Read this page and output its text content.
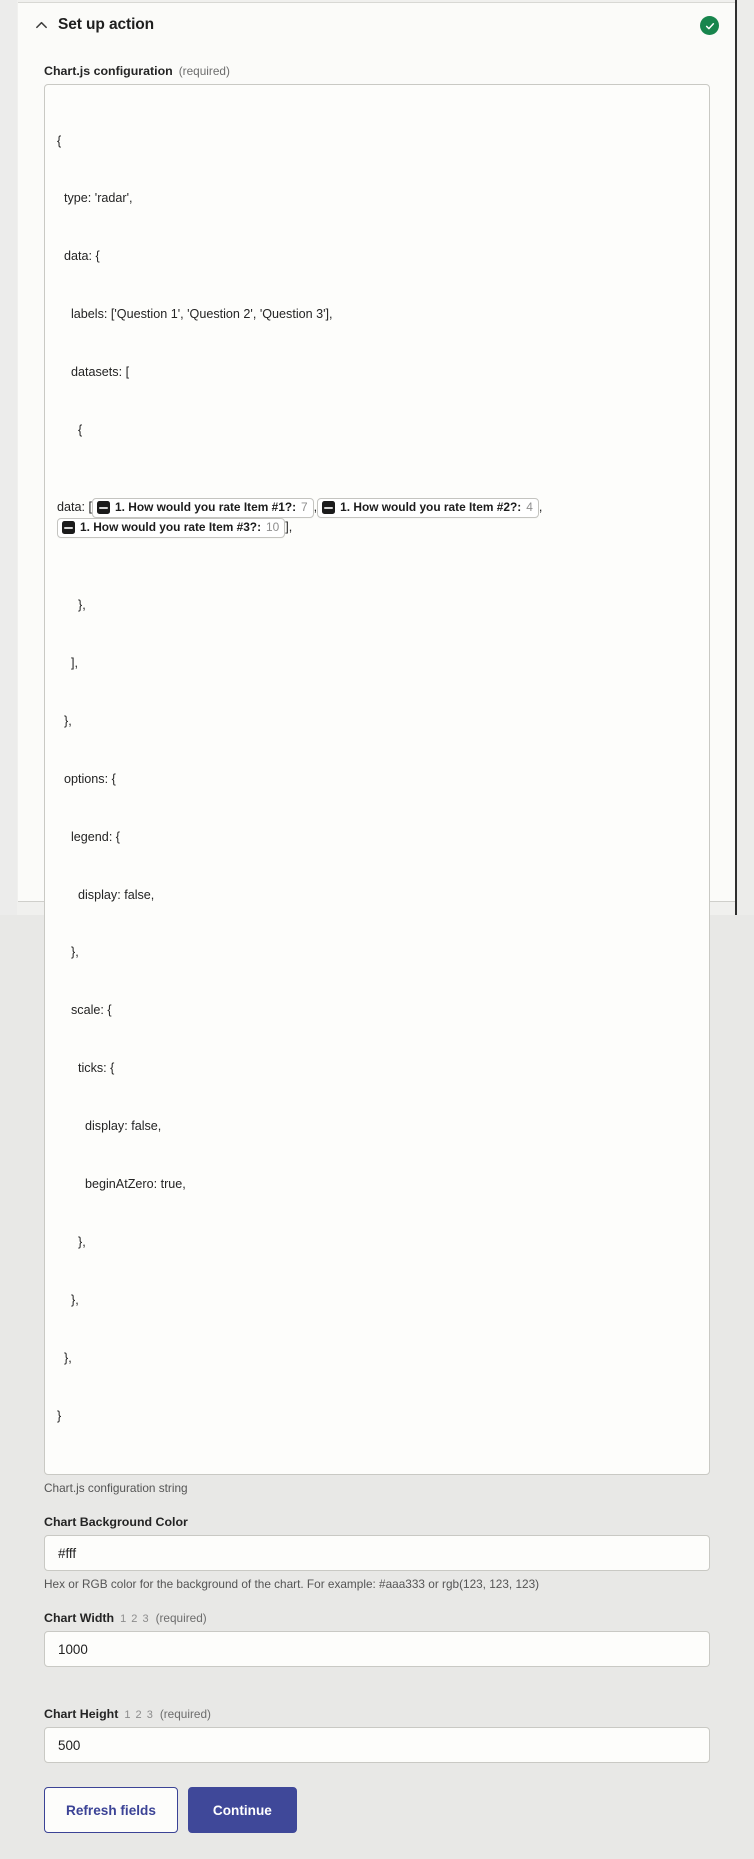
Set up action
Chart.js configuration (required)

{

type: 'radar',

data: {

labels: ['Question 1', 'Question 2', 'Question 3'],

datasets: [

{

data: [ 1. How would you rate Item #1?: 7 , 1. How would you rate Item #2?: 4 ,
1. How would you rate Item #3?: 10 ],

},

],

},

options: {

legend: {

display: false,

},

scale: {

ticks: {

display: false,

beginAtZero: true,

},

},

},

}

Chart.js configuration string
Chart Background Color
#fff
Hex or RGB color for the background of the chart. For example: #aaa333 or rgb(123, 123, 123)
Chart Width 1 2 3 (required)
1000

Chart Height 1 2 3 (required)
500
Refresh fields	Continue
